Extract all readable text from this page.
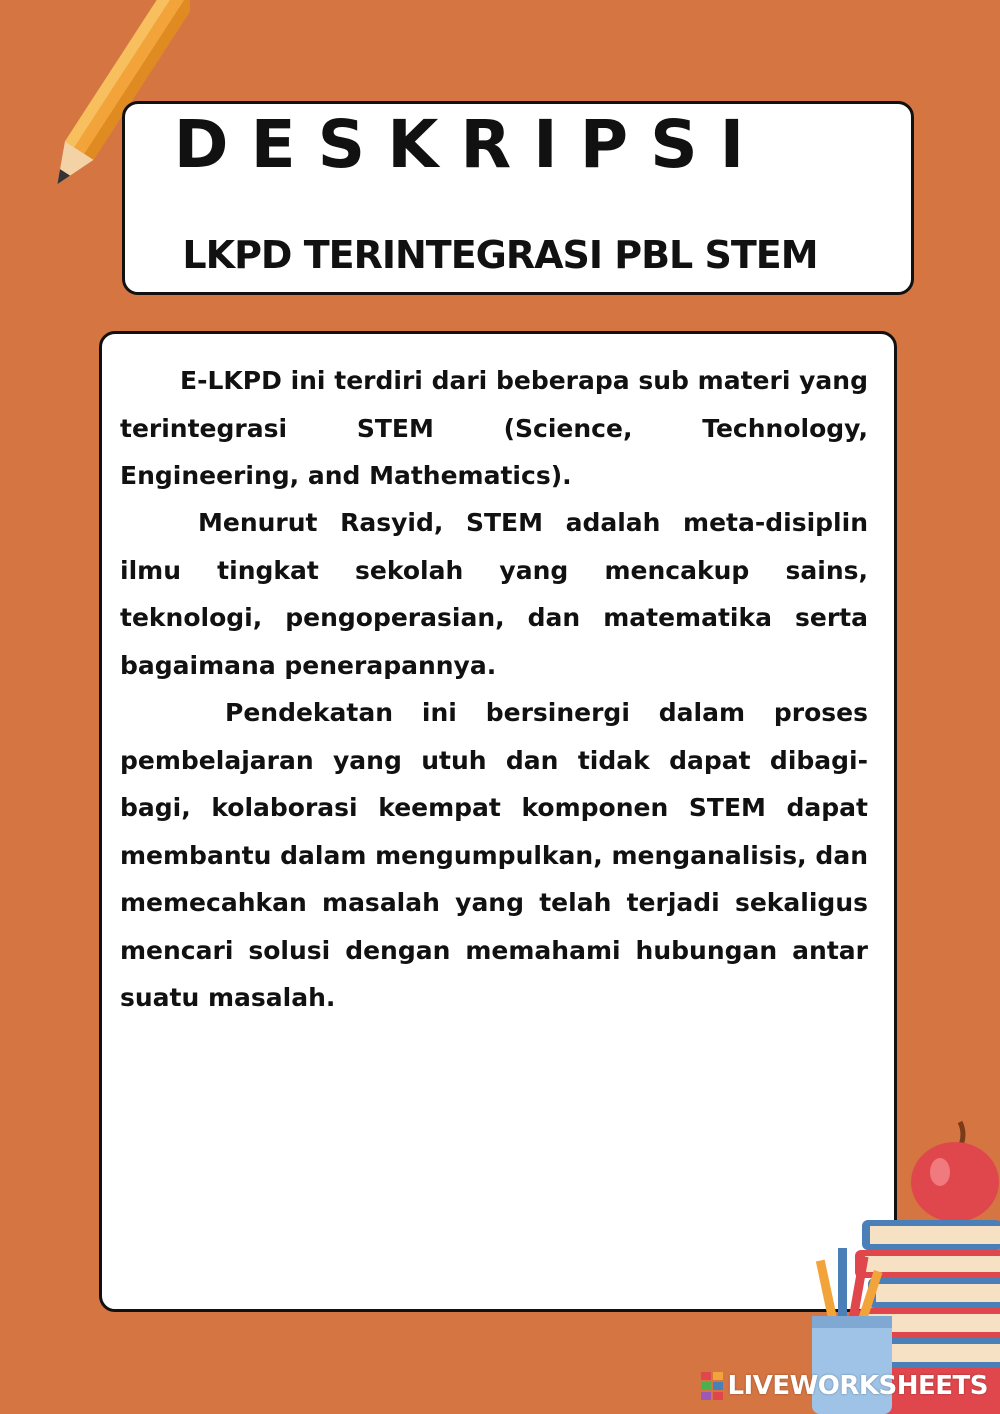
DESKRIPSI
LKPD TERINTEGRASI PBL STEM

E-LKPD ini terdiri dari beberapa sub materi yang terintegrasi STEM (Science, Technology, Engineering, and Mathematics).

Menurut Rasyid, STEM adalah meta-disiplin ilmu tingkat sekolah yang mencakup sains, teknologi, pengoperasian, dan matematika serta bagaimana penerapannya.

Pendekatan ini bersinergi dalam proses pembelajaran yang utuh dan tidak dapat dibagi-bagi, kolaborasi keempat komponen STEM dapat membantu dalam mengumpulkan, menganalisis, dan memecahkan masalah yang telah terjadi sekaligus mencari solusi dengan memahami hubungan antar suatu masalah.

LIVEWORKSHEETS
